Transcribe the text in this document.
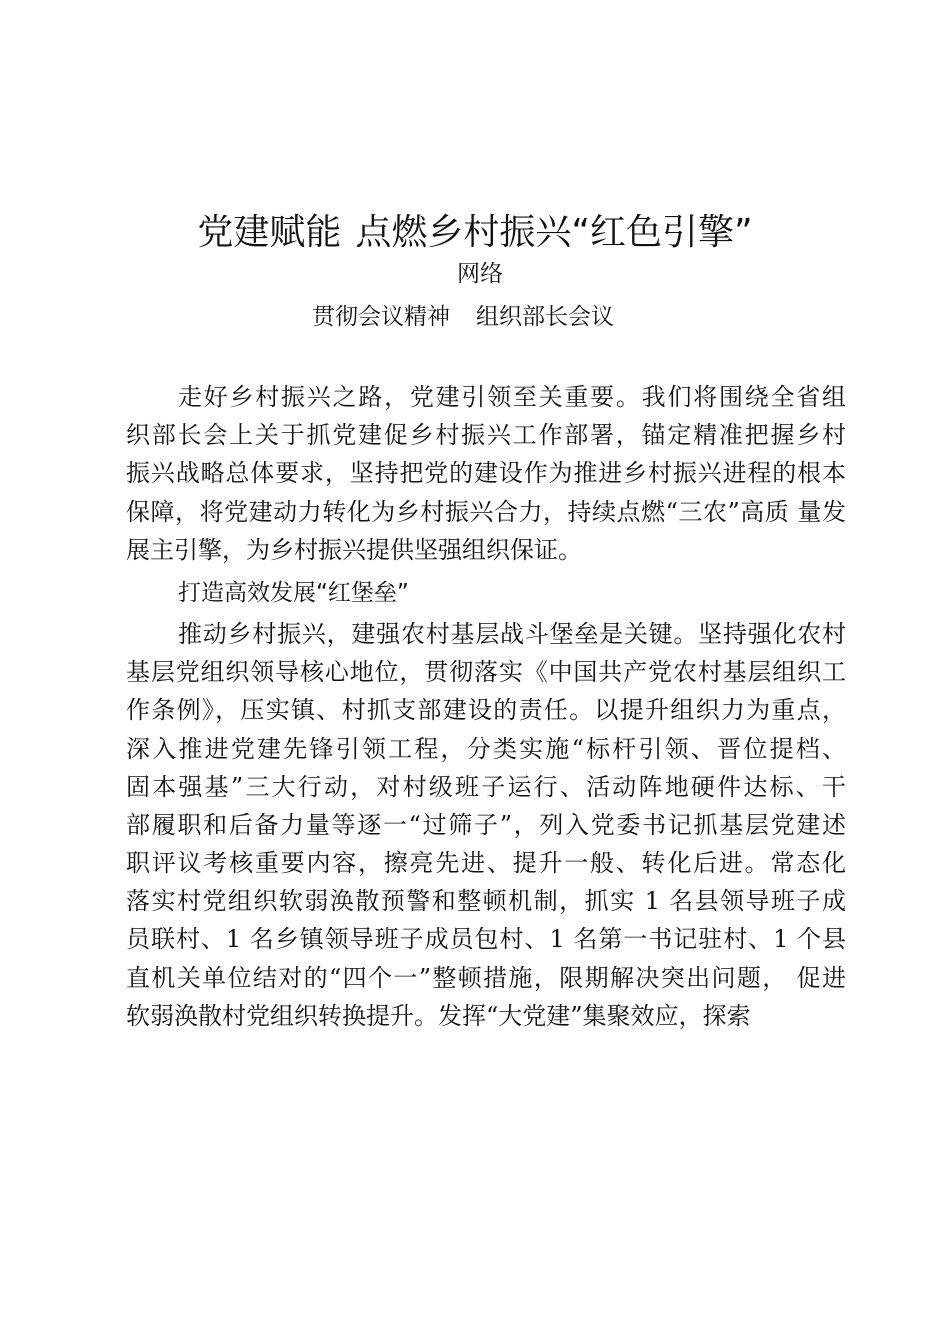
党建赋能 点燃乡村振兴“红色引擎”
网络
贯彻会议精神 组织部长会议
走好乡村振兴之路，党建引领至关重要。我们将围绕全省组
织部长会上关于抓党建促乡村振兴工作部署，锚定精准把握乡村
振兴战略总体要求，坚持把党的建设作为推进乡村振兴进程的根本
保障，将党建动力转化为乡村振兴合力，持续点燃“三农”高质 量发
展主引擎，为乡村振兴提供坚强组织保证。
打造高效发展“红堡垒”
推动乡村振兴，建强农村基层战斗堡垒是关键。坚持强化农村
基层党组织领导核心地位，贯彻落实《中国共产党农村基层组织工
作条例》，压实镇、村抓支部建设的责任。以提升组织力为重点，
深入推进党建先锋引领工程，分类实施“标杆引领、晋位提档、
固本强基”三大行动，对村级班子运行、活动阵地硬件达标、干
部履职和后备力量等逐一“过筛子”，列入党委书记抓基层党建述
职评议考核重要内容，擦亮先进、提升一般、转化后进。常态化
落实村党组织软弱涣散预警和整顿机制，抓实 1 名县领导班子成
员联村、1 名乡镇领导班子成员包村、1 名第一书记驻村、1 个县
直机关单位结对的“四个一”整顿措施，限期解决突出问题， 促进
软弱涣散村党组织转换提升。发挥“大党建”集聚效应，探索
